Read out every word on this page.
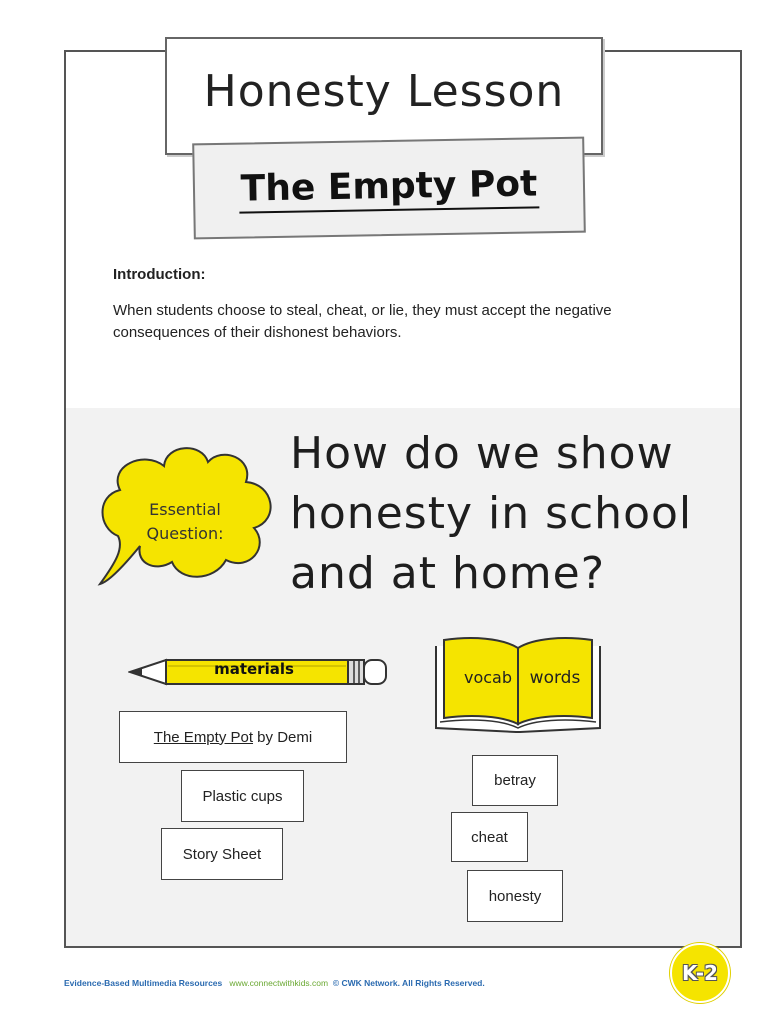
Honesty Lesson
The Empty Pot
Introduction:
When students choose to steal, cheat, or lie, they must accept the negative consequences of their dishonest behaviors.
Essential
Question:
How do we show
honesty in school
and at home?
materials	vocab	words
The Empty Pot by Demi
Plastic cups
Story Sheet
betray
cheat
honesty
K-2
Evidence-Based Multimedia Resources www.connectwithkids.com © CWK Network. All Rights Reserved.
